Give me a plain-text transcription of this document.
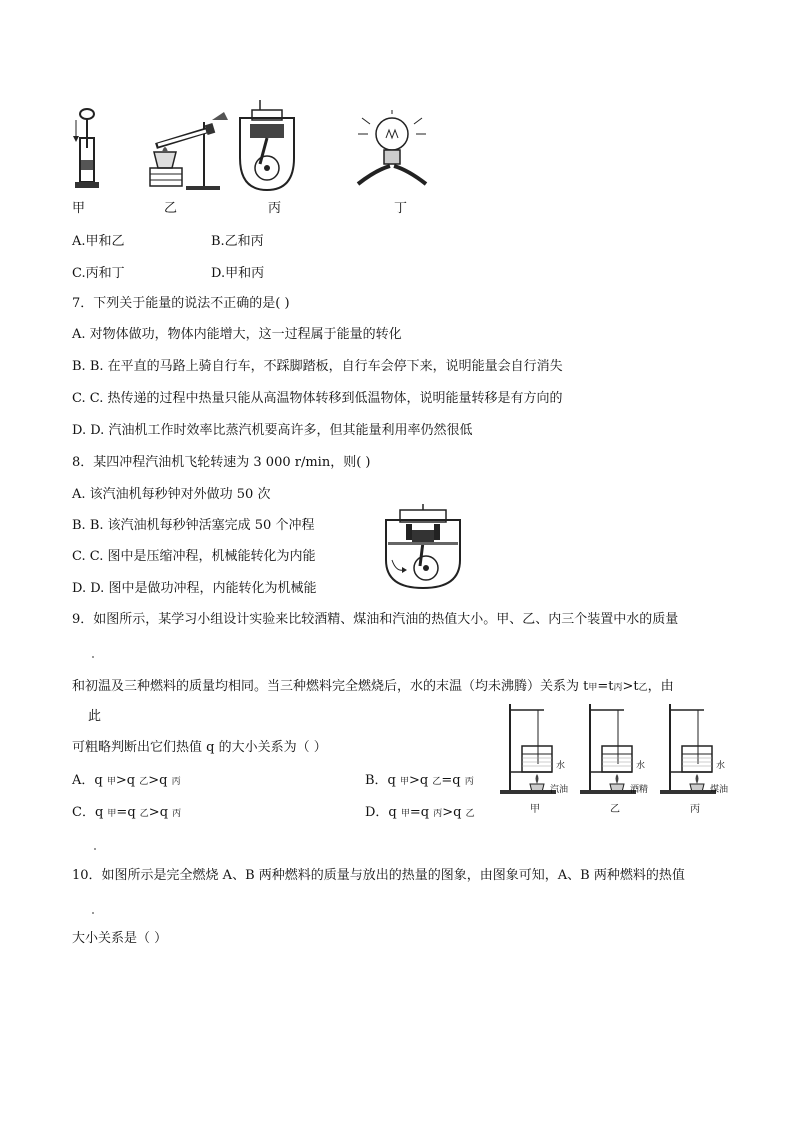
甲	乙	丙	丁
A.甲和乙	B.乙和丙
C.丙和丁	D.甲和丙
7．下列关于能量的说法不正确的是( )
A. 对物体做功，物体内能增大，这一过程属于能量的转化
B. B. 在平直的马路上骑自行车，不踩脚踏板，自行车会停下来，说明能量会自行消失
C. C. 热传递的过程中热量只能从高温物体转移到低温物体，说明能量转移是有方向的
D. D. 汽油机工作时效率比蒸汽机要高许多，但其能量利用率仍然很低
8．某四冲程汽油机飞轮转速为 3 000 r/min，则( )
A. 该汽油机每秒钟对外做功 50 次
B. B. 该汽油机每秒钟活塞完成 50 个冲程
C. C. 图中是压缩冲程，机械能转化为内能
D. D. 图中是做功冲程，内能转化为机械能
9．如图所示，某学习小组设计实验来比较酒精、煤油和汽油的热值大小。甲、乙、内三个装置中水的质量
和初温及三种燃料的质量均相同。当三种燃料完全燃烧后，水的末温（均未沸腾）关系为 t甲=t丙>t乙，由
此
可粗略判断出它们热值 q 的大小关系为（ ）
A．q 甲>q 乙>q 丙	B．q 甲>q 乙=q 丙
C．q 甲=q 乙>q 丙	D．q 甲=q 丙>q 乙
水
汽油
水
酒精
水
煤油
甲	乙	丙
10．如图所示是完全燃烧 A、B 两种燃料的质量与放出的热量的图象，由图象可知，A、B 两种燃料的热值
大小关系是（ ）
